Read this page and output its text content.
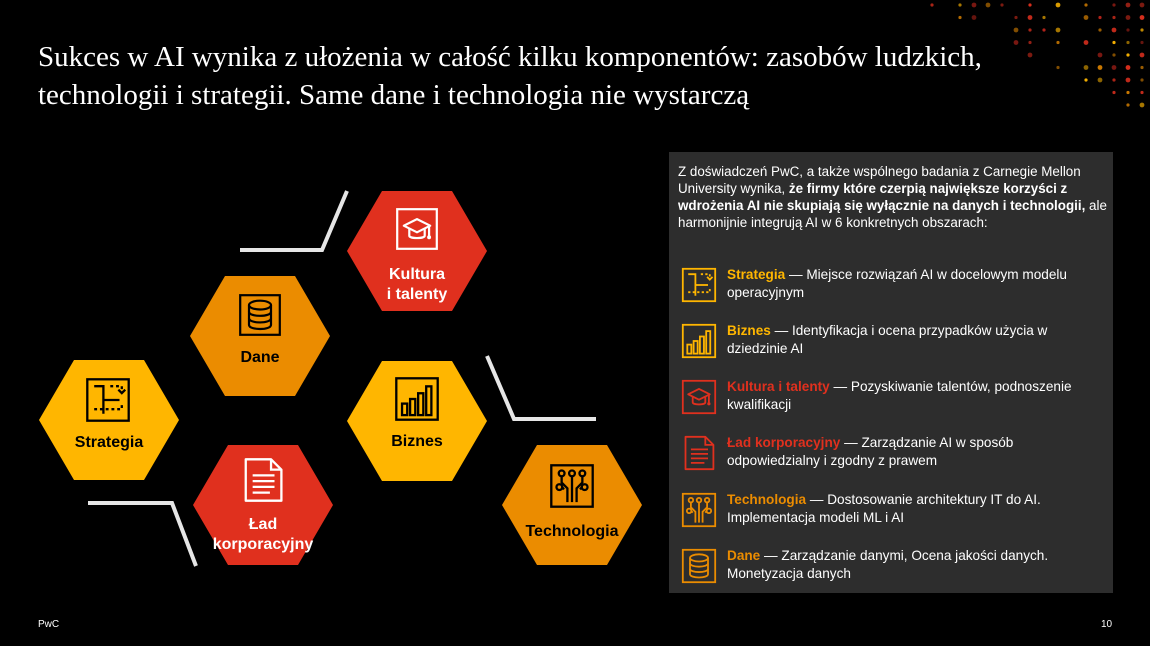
Sukces w AI wynika z ułożenia w całość kilku komponentów: zasobów ludzkich, technologii i strategii. Same dane i technologia nie wystarczą
Kultura
i talenty
Dane
Strategia	Biznes
Ład
korporacyjny
Technologia
Z doświadczeń PwC, a także wspólnego badania z Carnegie Mellon University wynika, że firmy które czerpią największe korzyści z wdrożenia AI nie skupiają się wyłącznie na danych i technologii, ale harmonijnie integrują AI w 6 konkretnych obszarach:
Strategia — Miejsce rozwiązań AI w docelowym modelu operacyjnym
Biznes — Identyfikacja i ocena przypadków użycia w dziedzinie AI
Kultura i talenty — Pozyskiwanie talentów, podnoszenie kwalifikacji
Ład korporacyjny — Zarządzanie AI w sposób odpowiedzialny i zgodny z prawem
Technologia — Dostosowanie architektury IT do AI. Implementacja modeli ML i AI
Dane — Zarządzanie danymi, Ocena jakości danych. Monetyzacja danych
PwC	10
